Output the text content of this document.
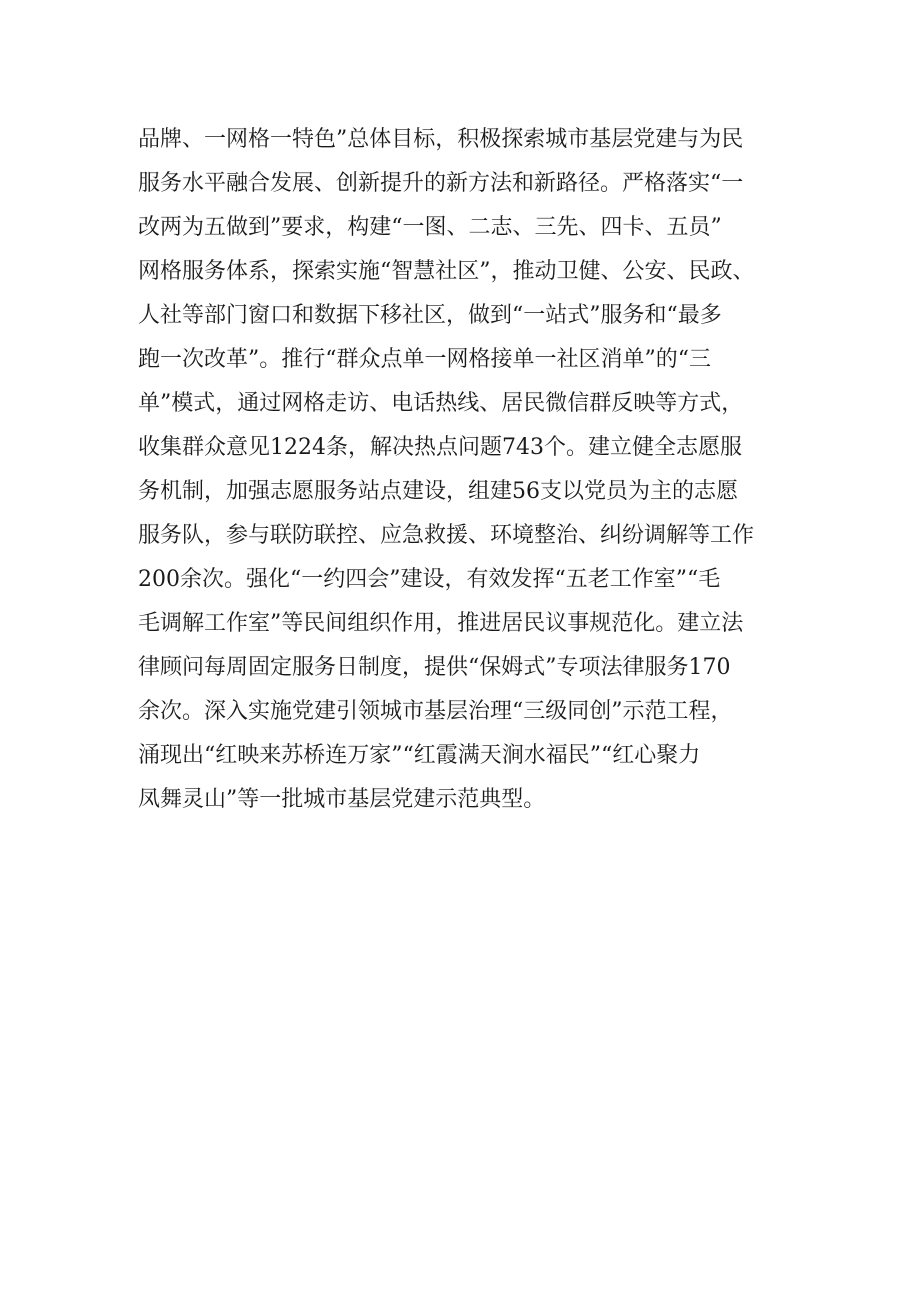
品牌、一网格一特色”总体目标，积极探索城市基层党建与为民
服务水平融合发展、创新提升的新方法和新路径。严格落实“一
改两为五做到”要求，构建“一图、二志、三先、四卡、五员”
网格服务体系，探索实施“智慧社区”，推动卫健、公安、民政、
人社等部门窗口和数据下移社区，做到“一站式”服务和“最多
跑一次改革”。推行“群众点单一网格接单一社区消单”的“三
单”模式，通过网格走访、电话热线、居民微信群反映等方式，
收集群众意见1224条，解决热点问题743个。建立健全志愿服
务机制，加强志愿服务站点建设，组建56支以党员为主的志愿
服务队，参与联防联控、应急救援、环境整治、纠纷调解等工作
200余次。强化“一约四会”建设，有效发挥“五老工作室”“毛
毛调解工作室”等民间组织作用，推进居民议事规范化。建立法
律顾问每周固定服务日制度，提供“保姆式”专项法律服务170
余次。深入实施党建引领城市基层治理“三级同创”示范工程，
涌现出“红映来苏桥连万家”“红霞满天涧水福民”“红心聚力
凤舞灵山”等一批城市基层党建示范典型。
